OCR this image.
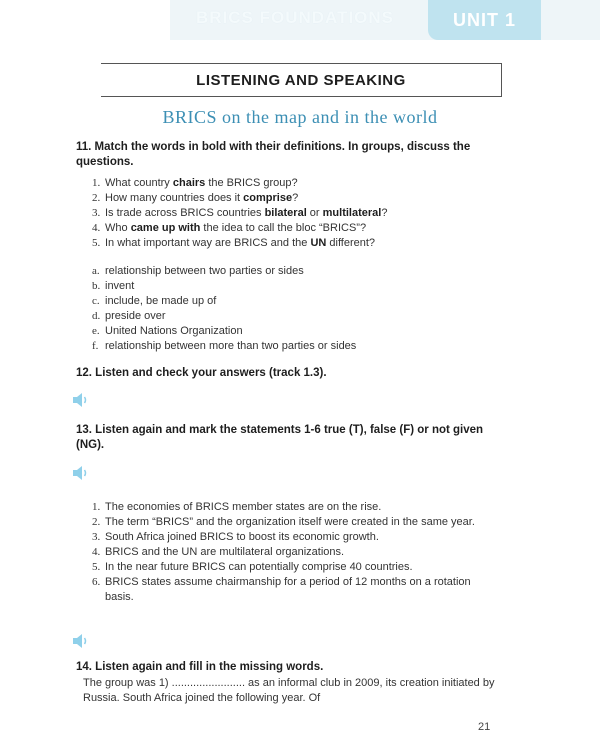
BRICS FOUNDATIONS	UNIT 1
LISTENING AND SPEAKING
BRICS on the map and in the world
11. Match the words in bold with their definitions. In groups, discuss the questions.
1. What country chairs the BRICS group?
2. How many countries does it comprise?
3. Is trade across BRICS countries bilateral or multilateral?
4. Who came up with the idea to call the bloc “BRICS”?
5. In what important way are BRICS and the UN different?
a. relationship between two parties or sides
b. invent
c. include, be made up of
d. preside over
e. United Nations Organization
f. relationship between more than two parties or sides
12. Listen and check your answers (track 1.3).
13. Listen again and mark the statements 1-6 true (T), false (F) or not given (NG).
1. The economies of BRICS member states are on the rise.
2. The term “BRICS” and the organization itself were created in the same year.
3. South Africa joined BRICS to boost its economic growth.
4. BRICS and the UN are multilateral organizations.
5. In the near future BRICS can potentially comprise 40 countries.
6. BRICS states assume chairmanship for a period of 12 months on a rotation basis.
14. Listen again and fill in the missing words.
The group was 1) ........................ as an informal club in 2009, its creation initiated by Russia. South Africa joined the following year. Of
21
